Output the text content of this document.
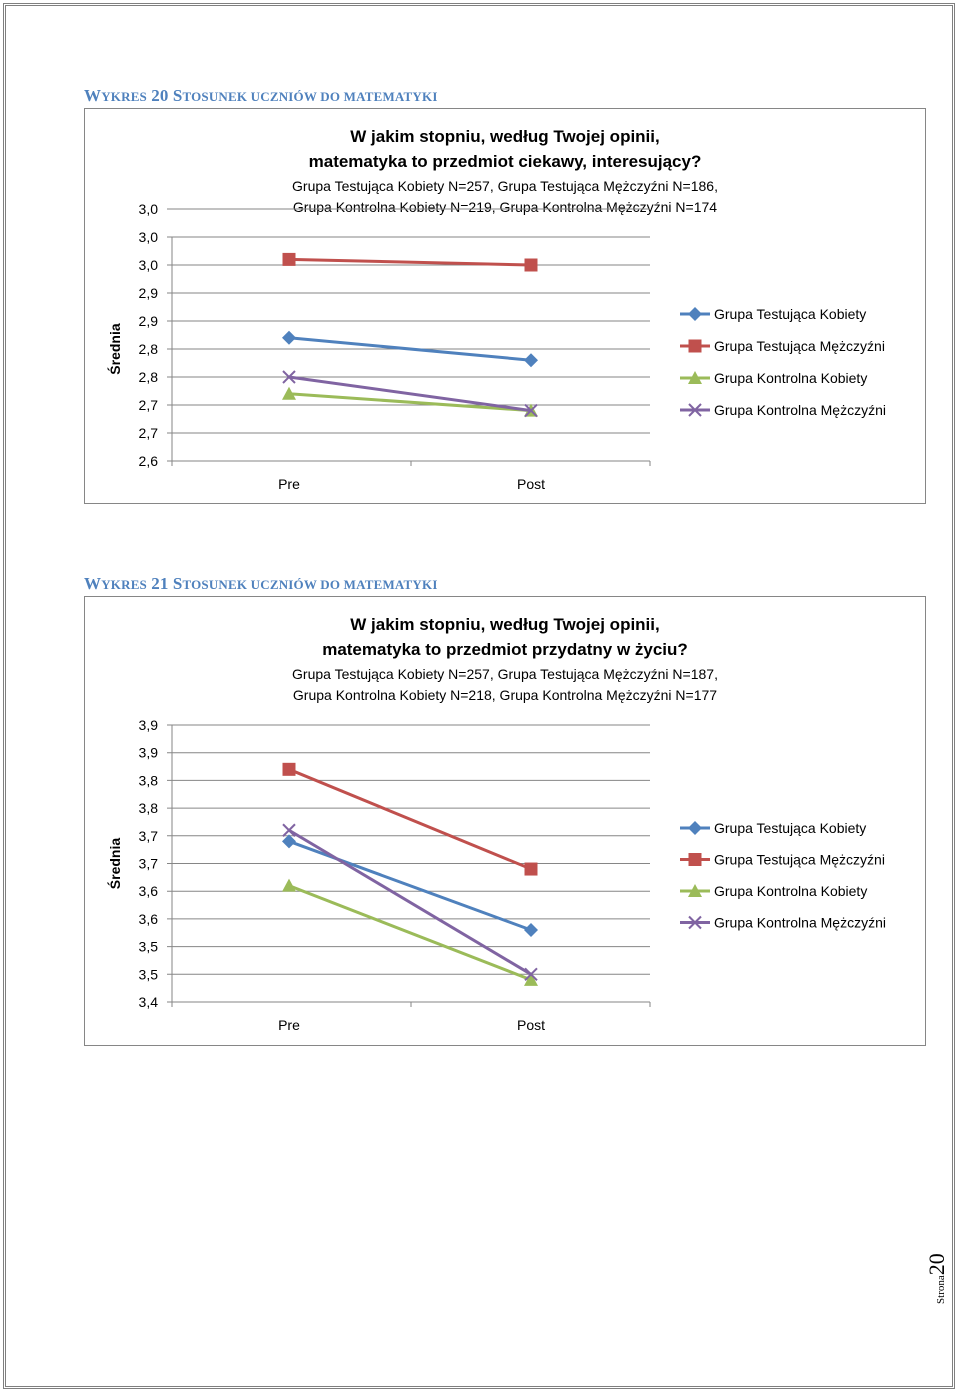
WYKRES 20 STOSUNEK UCZNIÓW DO MATEMATYKI
W jakim stopniu, według Twojej opinii,
matematyka to przedmiot ciekawy, interesujący?
Grupa Testująca Kobiety N=257, Grupa Testująca Mężczyźni N=186,
Grupa Kontrolna Kobiety N=219, Grupa Kontrolna Mężczyźni N=174
2,6
2,7
2,7
2,8
2,8
2,9
2,9
3,0
3,0
3,0
Pre	Post
Średnia
Grupa Testująca Kobiety
Grupa Testująca Mężczyźni
Grupa Kontrolna Kobiety
Grupa Kontrolna Mężczyźni
WYKRES 21 STOSUNEK UCZNIÓW DO MATEMATYKI
W jakim stopniu, według Twojej opinii,
matematyka to przedmiot przydatny w życiu?
Grupa Testująca Kobiety N=257, Grupa Testująca Mężczyźni N=187,
Grupa Kontrolna Kobiety N=218, Grupa Kontrolna Mężczyźni N=177
3,4
3,5
3,5
3,6
3,6
3,7
3,7
3,8
3,8
3,9
3,9
Pre	Post
Średnia
Grupa Testująca Kobiety
Grupa Testująca Mężczyźni
Grupa Kontrolna Kobiety
Grupa Kontrolna Mężczyźni
Strona20
